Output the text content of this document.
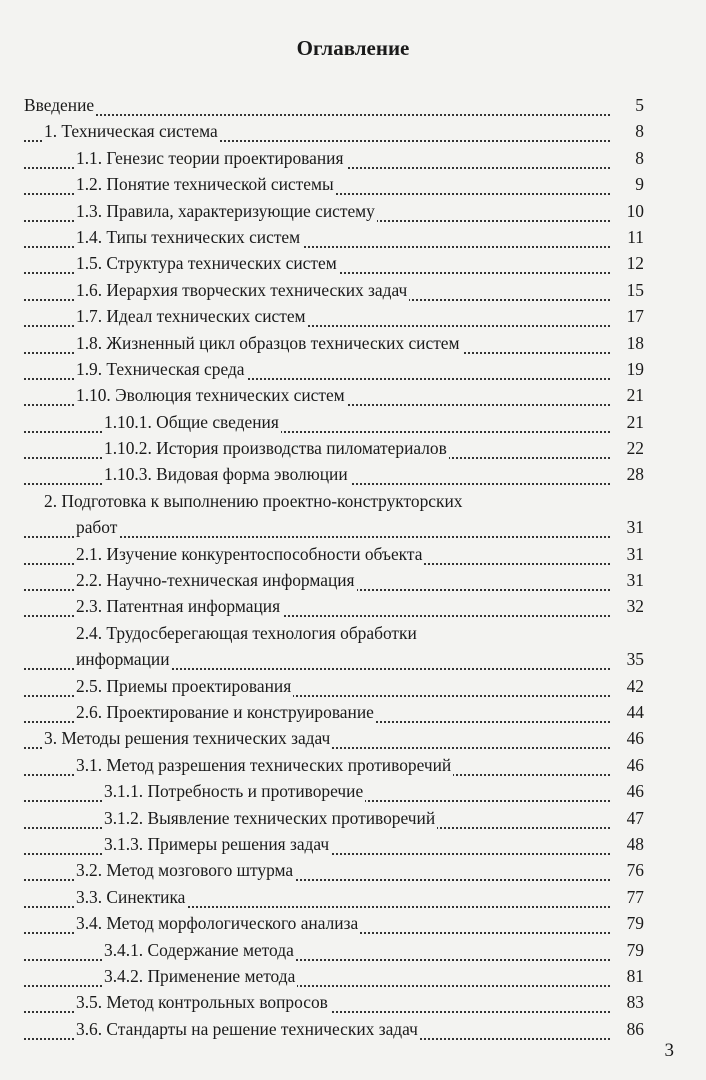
Оглавление
Введение	5
1. Техническая система	8
1.1. Генезис теории проектирования	8
1.2. Понятие технической системы	9
1.3. Правила, характеризующие систему	10
1.4. Типы технических систем	11
1.5. Структура технических систем	12
1.6. Иерархия творческих технических задач	15
1.7. Идеал технических систем	17
1.8. Жизненный цикл образцов технических систем	18
1.9. Техническая среда	19
1.10. Эволюция технических систем	21
1.10.1. Общие сведения	21
1.10.2. История производства пиломатериалов	22
1.10.3. Видовая форма эволюции	28
2. Подготовка к выполнению проектно-конструкторских
работ	31
2.1. Изучение конкурентоспособности объекта	31
2.2. Научно-техническая информация	31
2.3. Патентная информация	32
2.4. Трудосберегающая технология обработки
информации	35
2.5. Приемы проектирования	42
2.6. Проектирование и конструирование	44
3. Методы решения технических задач	46
3.1. Метод разрешения технических противоречий	46
3.1.1. Потребность и противоречие	46
3.1.2. Выявление технических противоречий	47
3.1.3. Примеры решения задач	48
3.2. Метод мозгового штурма	76
3.3. Синектика	77
3.4. Метод морфологического анализа	79
3.4.1. Содержание метода	79
3.4.2. Применение метода	81
3.5. Метод контрольных вопросов	83
3.6. Стандарты на решение технических задач	86
3
